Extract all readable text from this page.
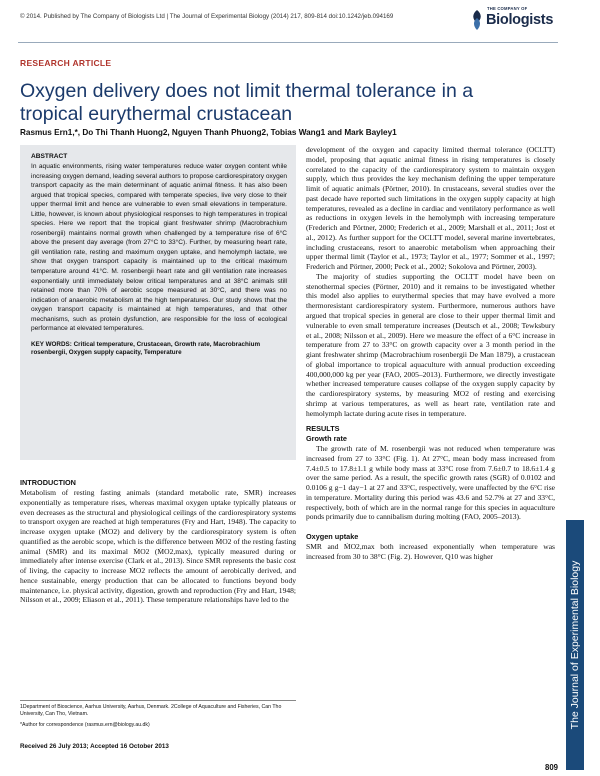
© 2014. Published by The Company of Biologists Ltd | The Journal of Experimental Biology (2014) 217, 809-814 doi:10.1242/jeb.094169
THE COMPANY OF
Biologists
RESEARCH ARTICLE
Oxygen delivery does not limit thermal tolerance in a tropical eurythermal crustacean
Rasmus Ern1,*, Do Thi Thanh Huong2, Nguyen Thanh Phuong2, Tobias Wang1 and Mark Bayley1
ABSTRACT
In aquatic environments, rising water temperatures reduce water oxygen content while increasing oxygen demand, leading several authors to propose cardiorespiratory oxygen transport capacity as the main determinant of aquatic animal fitness. It has also been argued that tropical species, compared with temperate species, live very close to their upper thermal limit and hence are vulnerable to even small elevations in temperature. Little, however, is known about physiological responses to high temperatures in tropical species. Here we report that the tropical giant freshwater shrimp (Macrobrachium rosenbergii) maintains normal growth when challenged by a temperature rise of 6°C above the present day average (from 27°C to 33°C). Further, by measuring heart rate, gill ventilation rate, resting and maximum oxygen uptake, and hemolymph lactate, we show that oxygen transport capacity is maintained up to the critical maximum temperature around 41°C. M. rosenbergii heart rate and gill ventilation rate increases exponentially until immediately below critical temperatures and at 38°C animals still retained more than 70% of aerobic scope measured at 30°C, and there was no indication of anaerobic metabolism at the high temperatures. Our study shows that the oxygen transport capacity is maintained at high temperatures, and that other mechanisms, such as protein dysfunction, are responsible for the loss of ecological performance at elevated temperatures.
KEY WORDS: Critical temperature, Crustacean, Growth rate, Macrobrachium rosenbergii, Oxygen supply capacity, Temperature
INTRODUCTION
Metabolism of resting fasting animals (standard metabolic rate, SMR) increases exponentially as temperature rises, whereas maximal oxygen uptake typically plateaus or even decreases as the structural and physiological ceilings of the cardiorespiratory systems to transport oxygen are reached at high temperatures (Fry and Hart, 1948). The capacity to increase oxygen uptake (ṀO2) and delivery by the cardiorespiratory system is often quantified as the aerobic scope, which is the difference between ṀO2 of the resting fasting animal (SMR) and its maximal ṀO2 (ṀO2,max), typically measured during or immediately after intense exercise (Clark et al., 2013). Since SMR represents the basic cost of living, the capacity to increase ṀO2 reflects the amount of aerobically derived, and hence sustainable, energy production that can be allocated to functions beyond body maintenance, i.e. physical activity, digestion, growth and reproduction (Fry and Hart, 1948; Nilsson et al., 2009; Eliason et al., 2011). These temperature relationships have led to the
1Department of Bioscience, Aarhus University, Aarhus, Denmark. 2College of Aquaculture and Fisheries, Can Tho University, Can Tho, Vietnam.
*Author for correspondence (rasmus.ern@biology.au.dk)
Received 26 July 2013; Accepted 16 October 2013

development of the oxygen and capacity limited thermal tolerance (OCLTT) model, proposing that aquatic animal fitness in rising temperatures is closely correlated to the capacity of the cardiorespiratory system to maintain oxygen supply, which thus provides the key mechanism defining the upper temperature limit of aquatic animals (Pörtner, 2010). In crustaceans, several studies over the past decade have reported such limitations in the oxygen supply capacity at high temperatures, revealed as a decline in cardiac and ventilatory performance as well as reductions in oxygen levels in the hemolymph with increasing temperature (Frederich and Pörtner, 2000; Frederich et al., 2009; Marshall et al., 2011; Jost et al., 2012). As further support for the OCLTT model, several marine invertebrates, including crustaceans, resort to anaerobic metabolism when approaching their upper thermal limit (Taylor et al., 1973; Taylor et al., 1977; Sommer et al., 1997; Frederich and Pörtner, 2000; Peck et al., 2002; Sokolova and Pörtner, 2003).

The majority of studies supporting the OCLTT model have been on stenothermal species (Pörtner, 2010) and it remains to be investigated whether this model also applies to eurythermal species that may have evolved a more thermoresistant cardiorespiratory system. Furthermore, numerous authors have argued that tropical species in general are close to their upper thermal limit and vulnerable to even small temperature increases (Deutsch et al., 2008; Tewksbury et al., 2008; Nilsson et al., 2009). Here we measure the effect of a 6°C increase in temperature from 27 to 33°C on growth capacity over a 3 month period in the giant freshwater shrimp (Macrobrachium rosenbergii De Man 1879), a crustacean of global importance to tropical aquaculture with annual production exceeding 400,000,000 kg per year (FAO, 2005–2013). Furthermore, we directly investigate whether increased temperature causes collapse of the oxygen supply capacity by the cardiorespiratory systems, by measuring ṀO2 of resting and exercising shrimp at various temperatures, as well as heart rate, ventilation rate and hemolymph lactate during acute rises in temperature.

RESULTS
Growth rate

The growth rate of M. rosenbergii was not reduced when temperature was increased from 27 to 33°C (Fig. 1). At 27°C, mean body mass increased from 7.4±0.5 to 17.8±1.1 g while body mass at 33°C rose from 7.6±0.7 to 18.6±1.4 g over the same period. As a result, the specific growth rates (SGR) of 0.0102 and 0.0106 g g−1 day−1 at 27 and 33°C, respectively, were unaffected by the 6°C rise in temperature. Mortality during this period was 43.6 and 52.7% at 27 and 33°C, respectively, both of which are in the normal range for this species in aquaculture ponds primarily due to cannibalism during molting (FAO, 2005–2013).

Oxygen uptake

SMR and ṀO2,max both increased exponentially when temperature was increased from 30 to 38°C (Fig. 2). However, Q10 was higher

The Journal of Experimental Biology
809
